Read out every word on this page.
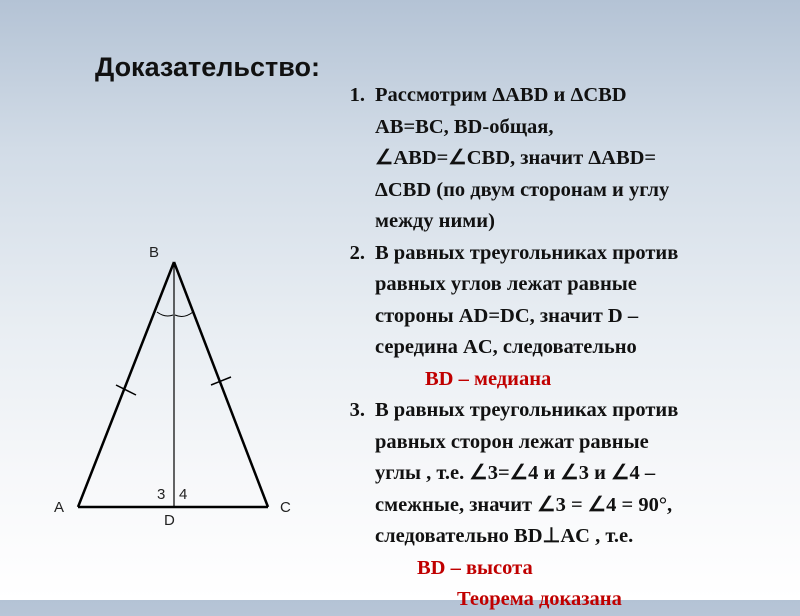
Доказательство:
B
A	C
D
3 4
1. Рассмотрим ΔABD и ΔCBD
AB=BC, BD-общая,
∠ABD=∠CBD, значит ΔABD=
ΔCBD (по двум сторонам и углу
между ними)
2. В равных треугольниках против
равных углов лежат равные
стороны AD=DC, значит D –
середина AC, следовательно
BD – медиана
3. В равных треугольниках против
равных сторон лежат равные
углы , т.е. ∠3=∠4 и ∠3 и ∠4 –
смежные, значит ∠3 = ∠4 = 90°,
следовательно BD⊥AC , т.е.
BD – высота
Теорема доказана
